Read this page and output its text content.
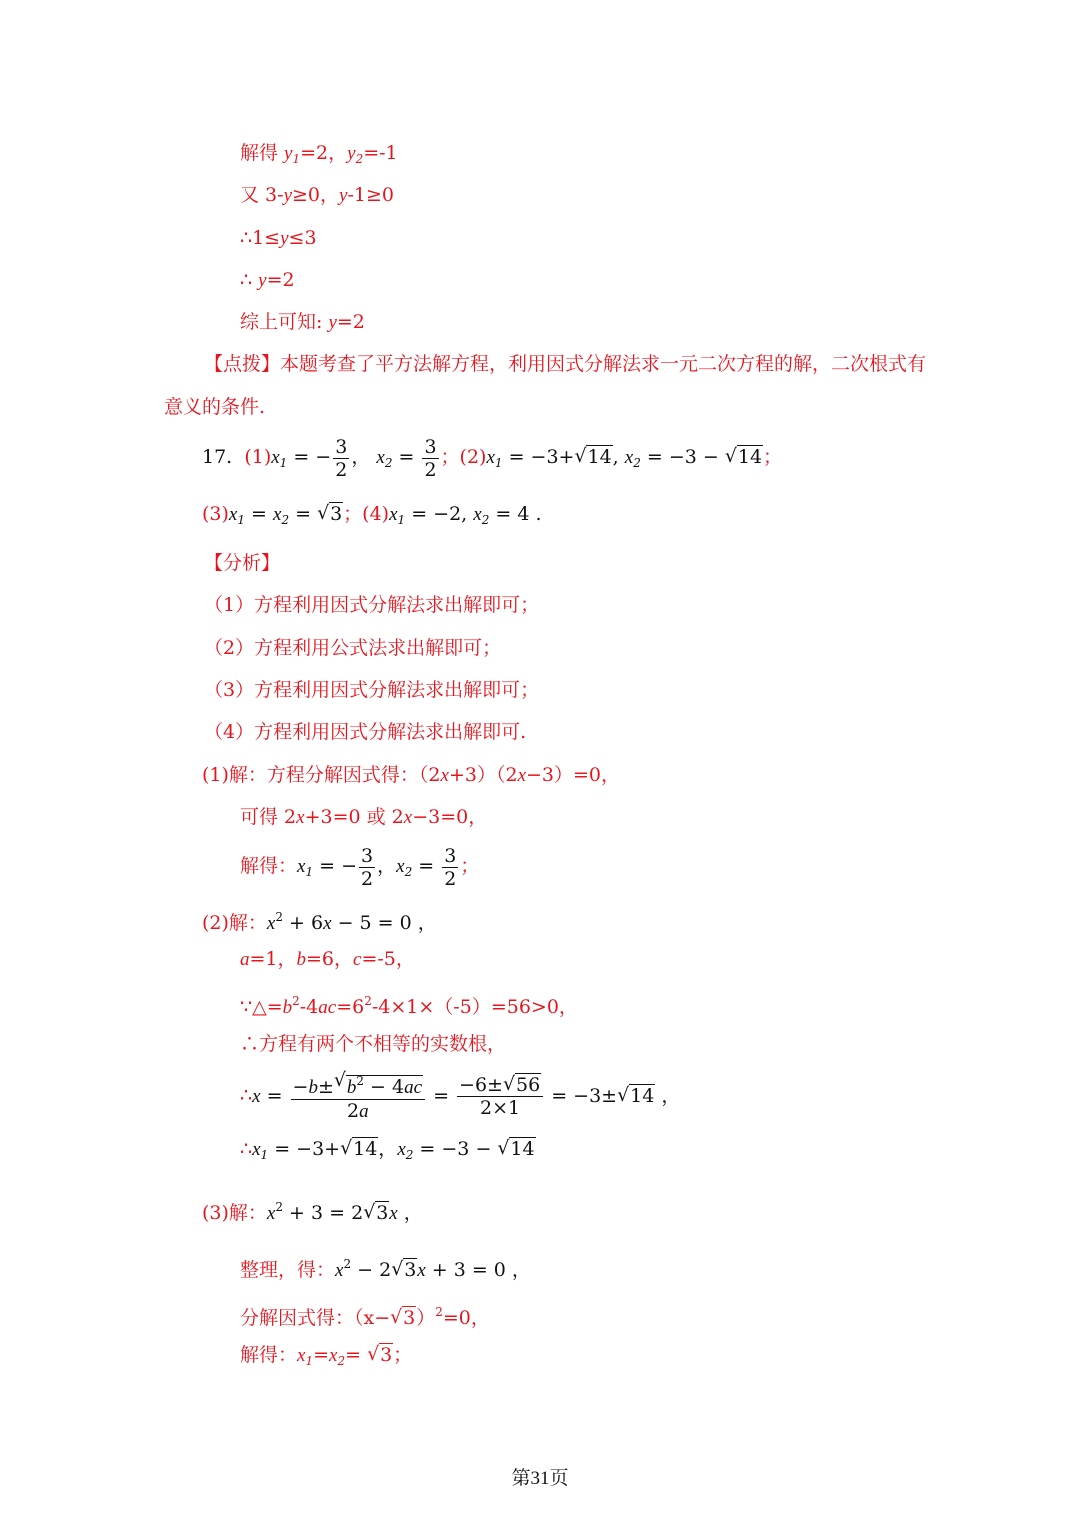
解得 $y_1=2$，$y_2=-1$
又 3-y≥0，y-1≥0
∴1≤y≤3
∴ y=2
综上可知: y=2
【点拨】本题考查了平方法解方程，利用因式分解法求一元二次方程的解，二次根式有
意义的条件.
17. $(1)x_1$ = − $\frac{3}{2}$ ， $x_2 = \frac{3}{2}$ ；$(2)x_1 = -3+√$ 14, $x_2 = -3$ − √ 14；
$(3)x_1 = x_2$ = √ 3；$(4)x_1 = -2$, $x_2 = 4$ .
【分析】
（1）方程利用因式分解法求出解即可；
（2）方程利用公式法求出解即可；
（3）方程利用因式分解法求出解即可；
（4）方程利用因式分解法求出解即可.
(1)解：方程分解因式得：（2x+3）（2x−3）=0，
可得 2x+3=0 或 2x−3=0，
解得：$x_1$ = − $\frac{3}{2}$ ，$x_2 = \frac{3}{2}$ ；
(2)解：$x^2 + 6x - 5 = 0$ ，
a=1，b=6，c=-5，
$\because\triangle=b^2-4ac=6^2-4\times 1\times(-5)=56>0$，
∴方程有两个不相等的实数根，
∴x = $\frac{-b\pm√ b^2 - 4ac}{2a} = \frac{-6\pm√ 56}{2\times 1} = -3\pm√$ 14 ，
$\therefore x_1 = -3+√$ 14，$x_2 = -3$ − √ 14
(3)解：$x^2 + 3 = 2√$ 3x ，
整理，得：$x^2 - 2√$ 3x + 3 = 0 ，
分解因式得：（x−√ 3）$^2$=0，
解得：$x_1=x_2=$ √ 3；
第31页
